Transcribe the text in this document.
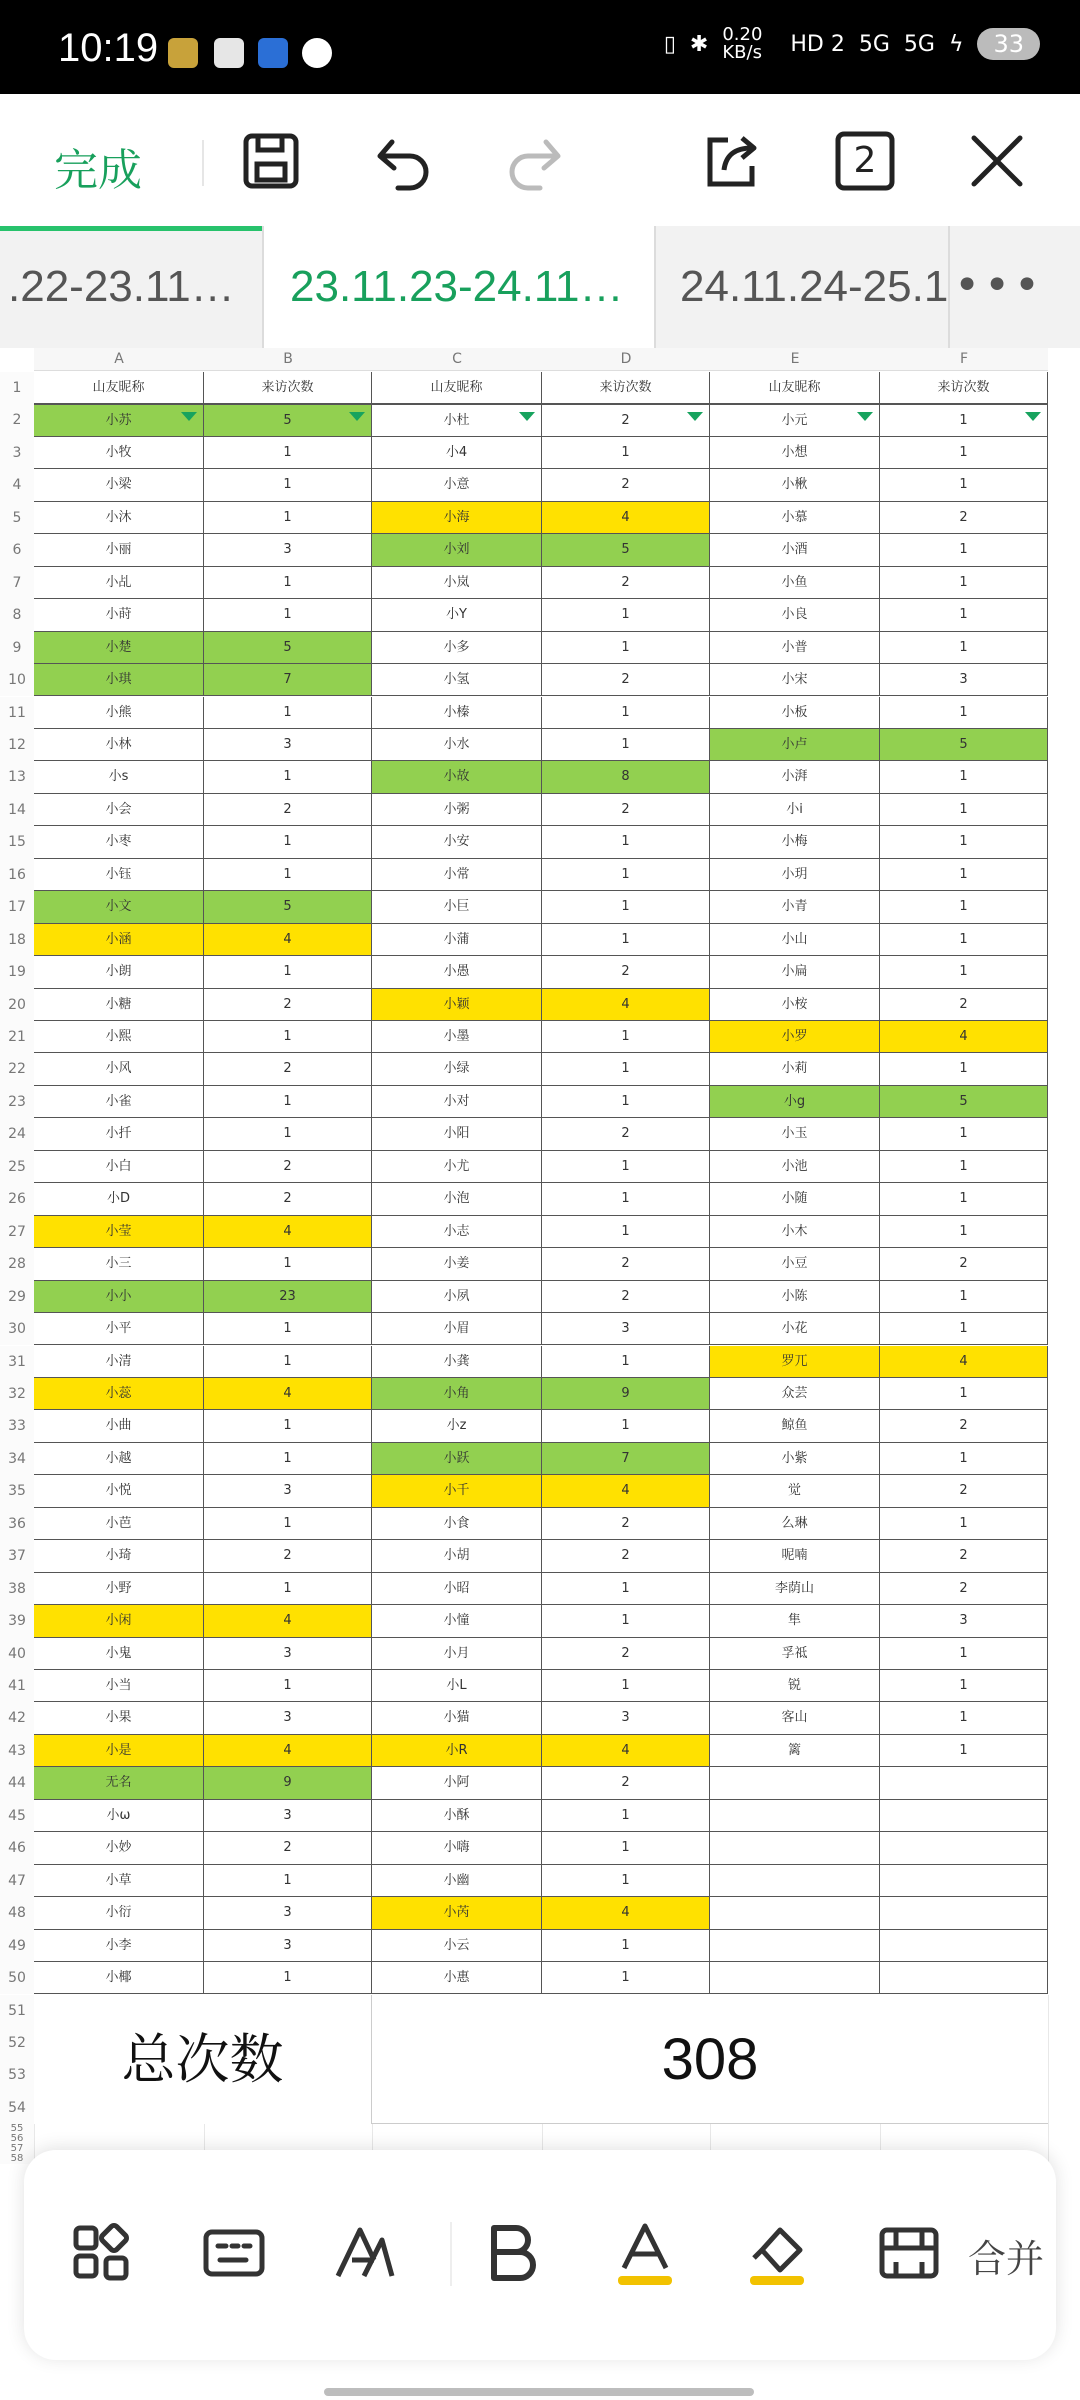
10:19	▯ ✱ 0.20 KB/s	HD 2 5G 5G ϟ	33
完成	2
.22-23.11…	23.11.23-24.11…	24.11.24-25.1 •••
A	B	C	D	E	F
1
2
3
4
5
6
7
8
9
10
11
12
13
14
15
16
17
18
19
20
21
22
23
24
25
26
27
28
29
30
31
32
33
34
35
36
37
38
39
40
41
42
43
44
45
46
47
48
49
50
51
52
53
54
55
56
57
58
山友昵称	来访次数	山友昵称	来访次数	山友昵称	来访次数
小苏	5	小杜	2	小元	1
小牧	1	小4	1	小想	1
小梁	1	小意	2	小楸	1
小沐	1	小海	4	小慕	2
小丽	3	小刘	5	小酒	1
小乩	1	小岚	2	小鱼	1
小莳	1	小Y	1	小良	1
小楚	5	小多	1	小普	1
小琪	7	小氢	2	小宋	3
小熊	1	小榛	1	小板	1
小林	3	小水	1	小卢	5
小s	1	小故	8	小湃	1
小会	2	小粥	2	小i	1
小枣	1	小安	1	小梅	1
小钰	1	小常	1	小玥	1
小文	5	小巨	1	小青	1
小涵	4	小蒲	1	小山	1
小朗	1	小愚	2	小扁	1
小糖	2	小颖	4	小桉	2
小熙	1	小墨	1	小罗	4
小风	2	小绿	1	小莉	1
小雀	1	小对	1	小g	5
小扦	1	小阳	2	小玉	1
小白	2	小尤	1	小池	1
小D	2	小泡	1	小随	1
小莹	4	小志	1	小木	1
小三	1	小姜	2	小豆	2
小小	23	小夙	2	小陈	1
小平	1	小眉	3	小花	1
小清	1	小龚	1	罗兀	4
小蕊	4	小角	9	众芸	1
小曲	1	小z	1	鲸鱼	2
小越	1	小跃	7	小紫	1
小悦	3	小千	4	觉	2
小芭	1	小食	2	么琳	1
小琦	2	小胡	2	呢喃	2
小野	1	小昭	1	李荫山	2
小闲	4	小憧	1	隼	3
小鬼	3	小月	2	孚祗	1
小当	1	小L	1	锐	1
小果	3	小猫	3	客山	1
小是	4	小R	4	篱	1
无名	9	小阿	2
小ω	3	小酥	1
小妙	2	小嗨	1
小草	1	小幽	1
小衍	3	小芮	4
小李	3	小云	1
小椰	1	小惠	1
总次数	308
合并
